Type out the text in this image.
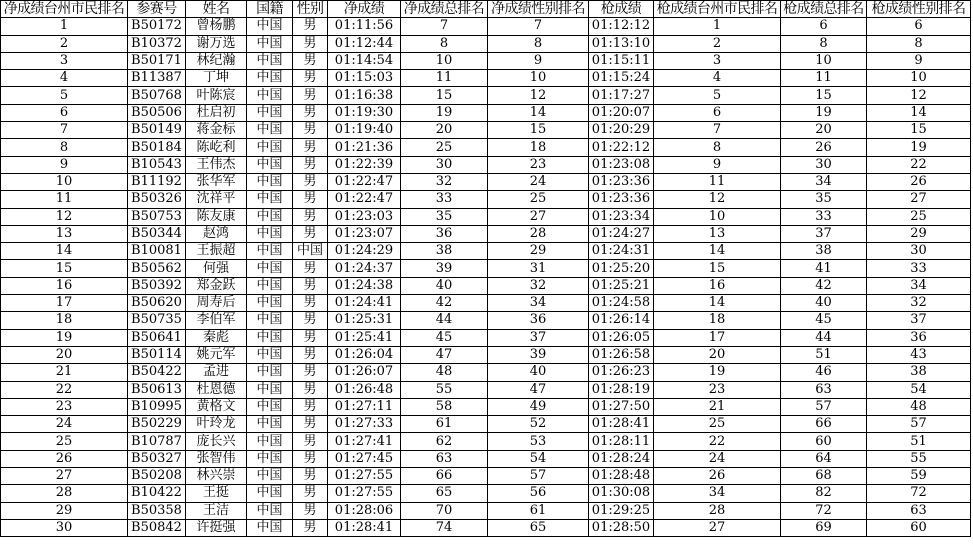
净成绩台州市民排名	参赛号	姓名	国籍	性别	净成绩	净成绩总排名	净成绩性别排名	枪成绩	枪成绩台州市民排名	枪成绩总排名	枪成绩性别排名
1	B50172	曾杨鹏	中国	男	01:11:56	7	7	01:12:12	1	6	6
2	B10372	谢万选	中国	男	01:12:44	8	8	01:13:10	2	8	8
3	B50171	林纪瀚	中国	男	01:14:54	10	9	01:15:11	3	10	9
4	B11387	丁坤	中国	男	01:15:03	11	10	01:15:24	4	11	10
5	B50768	叶陈宸	中国	男	01:16:38	15	12	01:17:27	5	15	12
6	B50506	杜启初	中国	男	01:19:30	19	14	01:20:07	6	19	14
7	B50149	蒋金标	中国	男	01:19:40	20	15	01:20:29	7	20	15
8	B50184	陈屹利	中国	男	01:21:36	25	18	01:22:12	8	26	19
9	B10543	王伟杰	中国	男	01:22:39	30	23	01:23:08	9	30	22
10	B11192	张华军	中国	男	01:22:47	32	24	01:23:36	11	34	26
11	B50326	沈祥平	中国	男	01:22:47	33	25	01:23:36	12	35	27
12	B50753	陈友康	中国	男	01:23:03	35	27	01:23:34	10	33	25
13	B50344	赵鸿	中国	男	01:23:07	36	28	01:24:27	13	37	29
14	B10081	王振超	中国	中国	01:24:29	38	29	01:24:31	14	38	30
15	B50562	何强	中国	男	01:24:37	39	31	01:25:20	15	41	33
16	B50392	郑金跃	中国	男	01:24:38	40	32	01:25:21	16	42	34
17	B50620	周寿后	中国	男	01:24:41	42	34	01:24:58	14	40	32
18	B50735	李伯军	中国	男	01:25:31	44	36	01:26:14	18	45	37
19	B50641	秦彪	中国	男	01:25:41	45	37	01:26:05	17	44	36
20	B50114	姚元军	中国	男	01:26:04	47	39	01:26:58	20	51	43
21	B50422	孟进	中国	男	01:26:07	48	40	01:26:23	19	46	38
22	B50613	杜恩德	中国	男	01:26:48	55	47	01:28:19	23	63	54
23	B10995	黄格文	中国	男	01:27:11	58	49	01:27:50	21	57	48
24	B50229	叶玲龙	中国	男	01:27:33	61	52	01:28:41	25	66	57
25	B10787	庞长兴	中国	男	01:27:41	62	53	01:28:11	22	60	51
26	B50327	张智伟	中国	男	01:27:45	63	54	01:28:24	24	64	55
27	B50208	林兴崇	中国	男	01:27:55	66	57	01:28:48	26	68	59
28	B10422	王挺	中国	男	01:27:55	65	56	01:30:08	34	82	72
29	B50358	王洁	中国	男	01:28:06	70	61	01:29:25	28	72	63
30	B50842	许挺强	中国	男	01:28:41	74	65	01:28:50	27	69	60
